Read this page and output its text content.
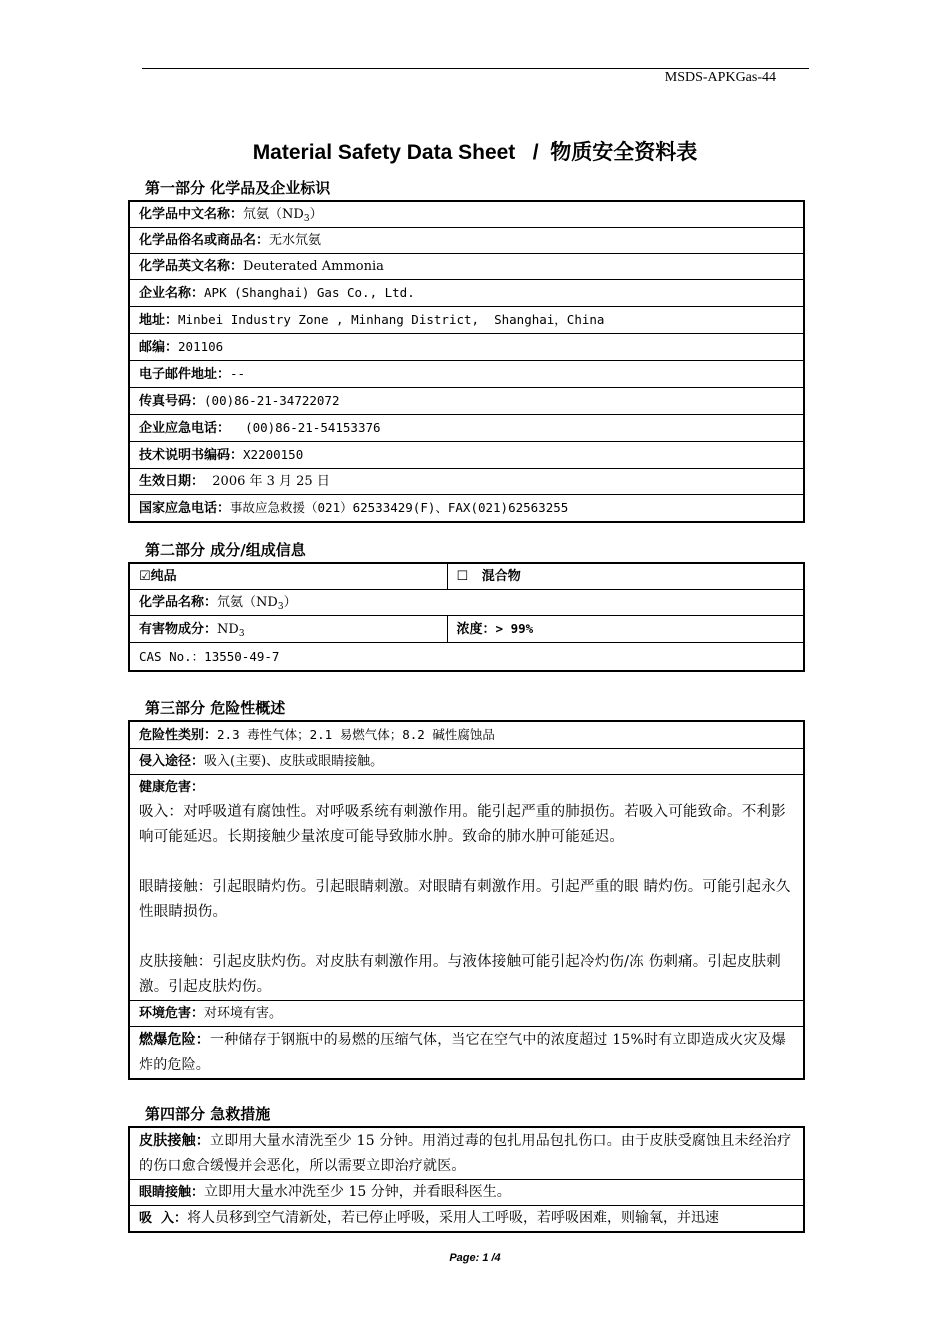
MSDS-APKGas-44
Material Safety Data Sheet   /  物质安全资料表
第一部分 化学品及企业标识
化学品中文名称：氘氨$(ND_3)$
化学品俗名或商品名：无水氘氨
化学品英文名称：Deuterated Ammonia
企业名称：APK (Shanghai) Gas Co., Ltd.
地址：Minbei Industry Zone , Minhang District,  Shanghai，China
邮编：201106
电子邮件地址：--
传真号码：(00)86-21-34722072
企业应急电话：  (00)86-21-54153376
技术说明书编码：X2200150
生效日期：  2006 年 3 月 25 日
国家应急电话：事故应急救援（021）62533429(F)、FAX(021)62563255
第二部分 成分/组成信息
☑纯品	☐   混合物
化学品名称：氘氨$(ND_3)$	
有害物成分：$ND_3$	浓度：> 99%
CAS No.：13550-49-7	
第三部分 危险性概述
危险性类别：2.3 毒性气体；2.1 易燃气体；8.2 碱性腐蚀品
侵入途径：吸入(主要)、皮肤或眼睛接触。

健康危害：

吸入：对呼吸道有腐蚀性。对呼吸系统有刺激作用。能引起严重的肺损伤。若吸入可能致命。不利影响可能延迟。长期接触少量浓度可能导致肺水肿。致命的肺水肿可能延迟。

眼睛接触：引起眼睛灼伤。引起眼睛刺激。对眼睛有刺激作用。引起严重的眼 睛灼伤。可能引起永久性眼睛损伤。

皮肤接触：引起皮肤灼伤。对皮肤有刺激作用。与液体接触可能引起冷灼伤/冻 伤刺痛。引起皮肤刺激。引起皮肤灼伤。

环境危害：对环境有害。

燃爆危险：一种储存于钢瓶中的易燃的压缩气体，当它在空气中的浓度超过 15%时有立即造成火灾及爆炸的危险。

第四部分 急救措施

皮肤接触：立即用大量水清洗至少 15 分钟。用消过毒的包扎用品包扎伤口。由于皮肤受腐蚀且未经治疗的伤口愈合缓慢并会恶化，所以需要立即治疗就医。

眼睛接触：立即用大量水冲洗至少 15 分钟，并看眼科医生。
吸  入：将人员移到空气清新处，若已停止呼吸，采用人工呼吸，若呼吸困难，则输氧，并迅速
Page: 1 /4
